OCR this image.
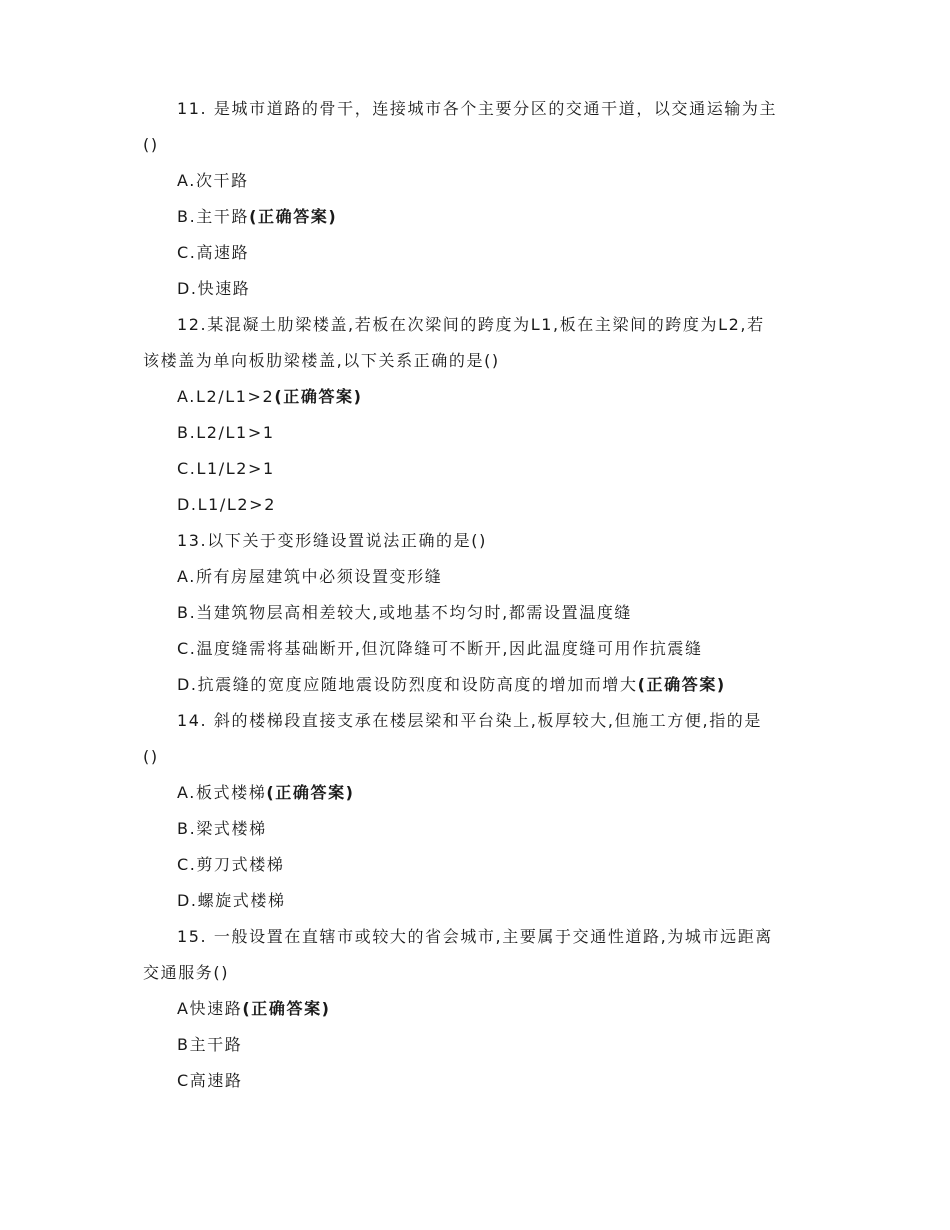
11. 是城市道路的骨干，连接城市各个主要分区的交通干道，以交通运输为主
()
A.次干路
B.主干路(正确答案)
C.高速路
D.快速路
12.某混凝土肋梁楼盖,若板在次梁间的跨度为L1,板在主梁间的跨度为L2,若
该楼盖为单向板肋梁楼盖,以下关系正确的是()
A.L2/L1>2(正确答案)
B.L2/L1>1
C.L1/L2>1
D.L1/L2>2
13.以下关于变形缝设置说法正确的是()
A.所有房屋建筑中必须设置变形缝
B.当建筑物层高相差较大,或地基不均匀时,都需设置温度缝
C.温度缝需将基础断开,但沉降缝可不断开,因此温度缝可用作抗震缝
D.抗震缝的宽度应随地震设防烈度和设防高度的增加而增大(正确答案)
14. 斜的楼梯段直接支承在楼层梁和平台染上,板厚较大,但施工方便,指的是
()
A.板式楼梯(正确答案)
B.梁式楼梯
C.剪刀式楼梯
D.螺旋式楼梯
15. 一般设置在直辖市或较大的省会城市,主要属于交通性道路,为城市远距离
交通服务()
A快速路(正确答案)
B主干路
C高速路
